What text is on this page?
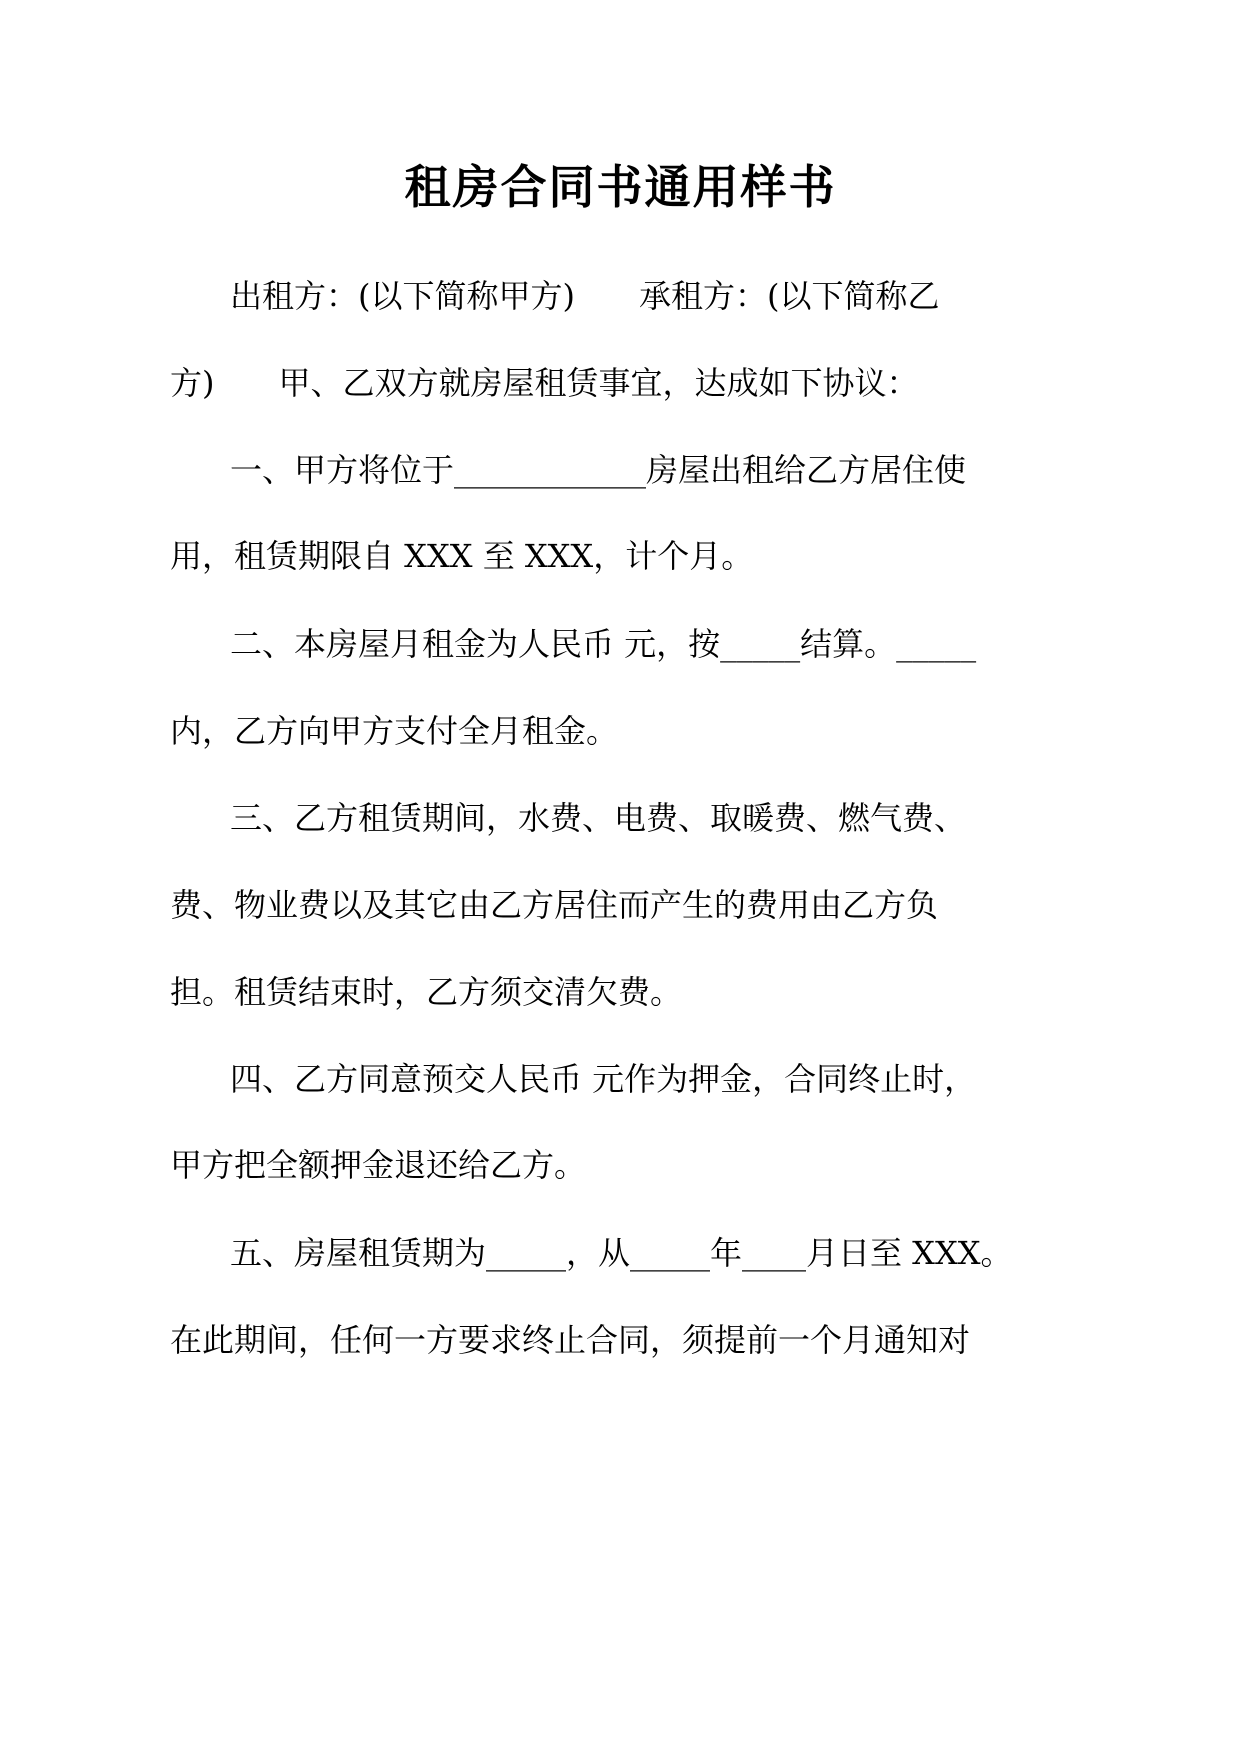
租房合同书通用样书
出租方：(以下简称甲方)　　承租方：(以下简称乙
方)　　甲、乙双方就房屋租赁事宜，达成如下协议：
一、甲方将位于____________房屋出租给乙方居住使
用，租赁期限自 XXX 至 XXX，计个月。
二、本房屋月租金为人民币 元，按_____结算。_____
内，乙方向甲方支付全月租金。
三、乙方租赁期间，水费、电费、取暖费、燃气费、
费、物业费以及其它由乙方居住而产生的费用由乙方负
担。租赁结束时，乙方须交清欠费。
四、乙方同意预交人民币 元作为押金，合同终止时，
甲方把全额押金退还给乙方。
五、房屋租赁期为_____，从_____年____月日至 XXX。
在此期间，任何一方要求终止合同，须提前一个月通知对
